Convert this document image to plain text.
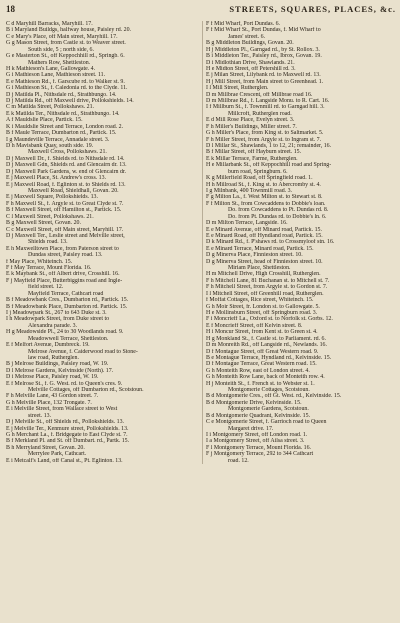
18	STREETS, SQUARES, PLACES, &c.
C d Maryhill Barracks, Maryhill. 17.
B i Maryland Buildgs, halfway house, Paisley rd. 20.
C e Mary's Place, off Main street, Maryhill. 17.
G g Mason Street, from Castle st. to Weaver street.
South side, 5 ; north side, 6.
G e Masterton St., off Keppochhill rd., Springb. 6.
Mathers Row, Shettleston.
H k Mathieson's Lane, Gallowgate. 4.
G i Mathieson Lane, Mathieson street. 11.
E e Mathieson Rd., f. Garscube rd. to Walker st. 9.
G i Mathieson St., f. Caledonia rd. to the Clyde. 11.
D j Matilda Pl., Nithsdale rd., Strathbungo. 14.
D j Matilda Rd., off Maxwell drive, Pollokshields. 14.
C m Matilda Street, Pollokshaws. 21.
E k Matilda Ter., Nithsdale rd., Strathbungo. 14.
A f Mauldslie Place, Partick. 15.
K i Mauldslie Street and Terrace, London road. 2.
B f Maule Terrace, Dumbarton rd., Partick. 15.
I g Maundeville Terrace, Annadale street. 3.
D h Mavisbank Quay, south side. 19.
Maxwell Cross, Pollokshaws. 21.
D j Maxwell Dr., f. Shields rd. to Nithsdale rd. 14.
D j Maxwell Gdn, Shields rd. and Glencairn dr. 13.
D j Maxwell Park Gardens, w. end of Glencairn dr.
E j Maxwell Place, St. Andrew's cross. 13.
E j Maxwell Road, f. Eglinton st. to Shields rd. 13.
Maxwell Road, Shieldhall, Govan. 20.
E j Maxwell Square, Pollokshields. 13.
F h Maxwell St., f. Argyle st. to Great Clyde st. 7.
B f Maxwell Street, off Hamilton st., Partick. 15.
C l Maxwell Street, Pollokshaws. 21.
B g Maxwell Street, Govan. 20.
C c Maxwell Street, off Main street, Maryhill. 17.
D j Maxwell Ter., Leslie street and Melville street,
Shields road. 13.
E h Maxwelltown Place, from Paterson street to
Dundas street, Paisley road. 13.
f May Place, Whiteinch. 15.
F f May Terrace, Mount Florida. 16.
E k Maybank St., off Albert drive, Crosshill. 16.
F j Mayfield Place, Butterbiggins road and Ingle-
field street. 12.
Mayfield Terrace, Cathcart road
B f Meadowbank Cres., Dumbarton rd., Partick. 15.
B f Meadowbank Place, Dumbarton rd. Partick. 15.
I j Meadowpark St., 267 to 643 Duke st. 3.
I h Meadowpark Street, from Duke street to
Alexandra parade. 3.
H g Meadowside Pl., 24 to 30 Woodlands road. 9.
Meadowwell Terrace, Shettleston.
E f Melfort Avenue, Dumbreck. 19.
Melrose Avenue, f. Caiderwood road to Stone-
law road, Rutherglen.
B j Melrose Buildings, Paisley road, W. 19.
D l Melrose Gardens, Kelvinside (North). 17.
D i Melrose Place, Paisley road, W. 19.
E f Melrose St., f. G. West. rd. to Queen's cres. 9.
Melville Cottages, off Dumbarton rd., Scotstoun.
F h Melville Lane, 43 Gordon street. 7.
G h Melville Place, 132 Trongate. 7.
E i Melville Street, from Wallace street to West
street. 13.
D j Melville St., off Shields rd., Pollokshields. 13.
E j Melville Ter., Kenmure street, Pollokshields. 13.
G h Merchant La., f. Bridgegate to East Clyde st. 7.
B f Merkland Pl. and St. off Dumbart. rd., Partk. 15.
B h Merryland Street, Govan. 20.
Merrylee Park, Cathcart.
E i Metcalf's Land, off Canal st., Pt. Eglinton. 13.
F f Mid Wharf, Port Dundas. 6.
F f Mid Wharf St., Port Dundas, f. Mid Wharf to
James' street. 6.
B g Middleton Buildings, Govan. 20.
H j Middleton Pl., Garngad rd., by St. Rollox. 3.
B i Middleton Ter., Paisley rd., Ibrox, Govan. 19.
D i Midlothian Drive, Shawlands. 21.
H e Midton Street, off Petershill rd. 3.
E j Milan Street, Lilybank rd. to Maxwell rd. 13.
H j Mill Street, from Main street to Greenhead. 1.
I l Mill Street, Rutherglen.
D m Millbrae Crescent, off Millbrae road 16.
D m Millbrae Rd., f. Langside Monu. to R. Cart. 16.
I f Millburn St., f. Townmill rd. to Garngad hill. 3.
Millcroft, Rutherglen road.
E d Mill Rose Place, Evelyn street. 3.
F h Miller's Buildings, Miller street. 7.
G h Miller's Place, from King st. to Saltmarket. 5.
F h Miller Street, from Argyle st. to Ingram st. 7.
D l Millar St., Shawlands, 1 to 12, 21; remainder, 16.
B f Millar Street, off Hayburn street. 15.
E k Millar Terrace, Farme, Rutherglen.
H e Millarbank St., off Keppochhill road and Spring-
burn road, Springburn. 6.
K g Millerfield Road, off Springfield road. 1.
H h Millroad St., f. King st. to Abercromby st. 4.
I g Milnbank, 400 Townmill road. 3.
F g Milton La., f. West Milton st. to Stewart st. 8.
F f Milton St., from Cowcaddens to Dobbie's loan.
Do. from Cowcaddens to Pt. Dundas rd. 8.
Do. from Pt. Dundas rd. to Dobbie's ln. 6.
D m Milton Terrace, Langside. 16.
E e Minard Avenue, off Minard road, Partick. 15.
E e Minard Road, off Hyndland road, Partick. 15.
D k Minard Rd., f. P'shaws rd. to Crossmyloof stn. 16.
E e Minard Terrace, Minard road, Partick. 15.
D g Minerva Place, Finnieston street. 10.
D g Minerva Street, head of Finnieston street. 10.
Miriam Place, Shettleston.
H m Mitchell Drive, High Crosshill, Rutherglen.
F h Mitchell Lane, 81 Buchanan st. to Mitchell st. 7.
F h Mitchell Street, from Argyle st. to Gordon st. 7.
I l Mitchell Street, off Greenhill road, Rutherglen.
f Moffat Cottages, Rice street, Whiteinch. 15.
G h Moir Street, fr. London st. to Gallowgate. 5.
H e Mollinsburn Street, off Springburn road. 3.
F i Moncrieff La., Oxford st. to Norfolk st. Gorbs. 12.
E f Moncrieff Street, off Kelvin street. 8.
H i Moncur Street, from Kent st. to Green st. 4.
H g Monkland St., f. Castle st. to Parliament. rd. 6.
D m Monreith Rd., off Langside rd., Newlands. 16.
D f Montague Street, off Great Western road. 9.
B e Montague Terrace, Hyndland rd., Kelvinside. 15.
D f Montague Terrace, Great Western road. 15.
G h Monteith Row, east of London street. 4.
G h Monteith Row Lane, back of Monteith row. 4.
H j Monteith St., f. French st. to Webster st. 1.
Montgomerie Cottages, Scotstoun.
B d Montgomerie Cres., off Gt. West. rd., Kelvinside. 15.
B d Montgomerie Drive, Kelvinside. 15.
Montgomerie Gardens, Scotstoun.
B d Montgomerie Quadrant, Kelvinside. 15.
C e Montgomerie Street, f. Garrioch road to Queen
Margaret drive. 17.
I i Montgomery Street, off London road. 1.
I a Montgomery Street, off Ailsa street. 3.
F l Montgomery Terrace, Mount Florida. 16.
F j Montgomery Terrace, 292 to 344 Cathcart
road. 12.
